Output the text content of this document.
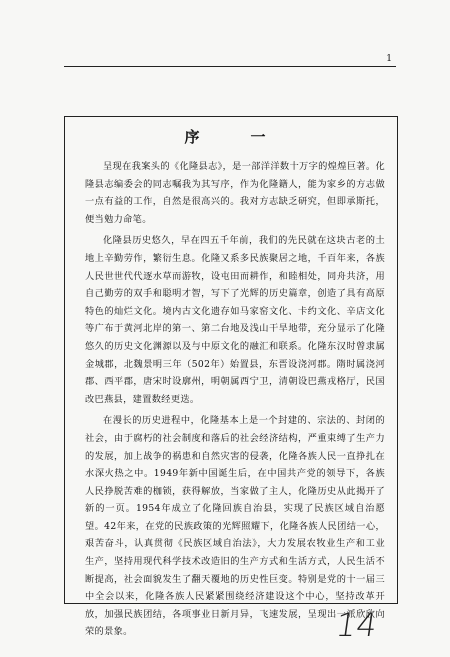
1
序　一

呈现在我案头的《化隆县志》，是一部洋洋数十万字的煌煌巨著。化隆县志编委会的同志嘱我为其写序，作为化隆籍人，能为家乡的方志做一点有益的工作，自然是很高兴的。我对方志缺乏研究，但即承斯托，便当勉力命笔。

化隆县历史悠久，早在四五千年前，我们的先民就在这块古老的土地上辛勤劳作，繁衍生息。化隆又系多民族聚居之地，千百年来，各族人民世世代代逐水草而游牧，设屯田而耕作，和睦相处，同舟共济，用自己勤劳的双手和聪明才智，写下了光辉的历史篇章，创造了具有高原特色的灿烂文化。境内古文化遗存如马家窑文化、卡约文化、辛店文化等广布于黄河北岸的第一、第二台地及浅山干旱地带，充分显示了化隆悠久的历史文化渊源以及与中原文化的融汇和联系。化隆东汉时曾隶属金城郡，北魏景明三年（502年）始置县，东晋设浇河郡。隋时属浇河郡、西平郡，唐宋时设廓州，明朝属西宁卫，清朝设巴燕戎格厅，民国改巴燕县，建置数经更迭。

在漫长的历史进程中，化隆基本上是一个封建的、宗法的、封闭的社会，由于腐朽的社会制度和落后的社会经济结构，严重束缚了生产力的发展，加上战争的祸患和自然灾害的侵袭，化隆各族人民一直挣扎在水深火热之中。1949年新中国诞生后，在中国共产党的领导下，各族人民挣脱苦难的枷锁，获得解放，当家做了主人，化隆历史从此揭开了新的一页。1954年成立了化隆回族自治县，实现了民族区域自治愿望。42年来，在党的民族政策的光辉照耀下，化隆各族人民团结一心，艰苦奋斗，认真贯彻《民族区域自治法》，大力发展农牧业生产和工业生产，坚持用现代科学技术改造旧的生产方式和生活方式，人民生活不断提高，社会面貌发生了翻天覆地的历史性巨变。特别是党的十一届三中全会以来，化隆各族人民紧紧围绕经济建设这个中心，坚持改革开放，加强民族团结，各项事业日新月异，飞速发展，呈现出一派欣欣向荣的景象。	14
